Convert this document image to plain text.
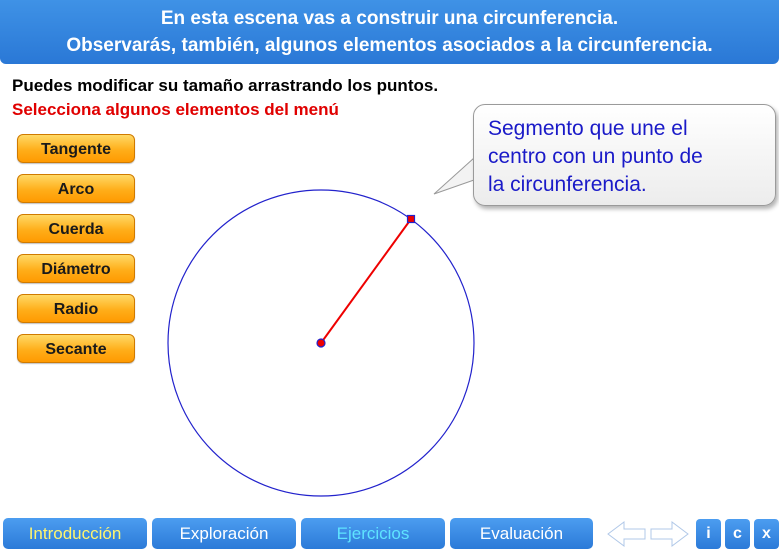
En esta escena vas a construir una circunferencia.
Observarás, también, algunos elementos asociados a la circunferencia.
Puedes modificar su tamaño arrastrando los puntos.
Selecciona algunos elementos del menú
Tangente
Arco
Cuerda
Diámetro
Radio
Secante
Segmento que une el
centro con un punto de
la circunferencia.
Introducción	Exploración	Ejercicios	Evaluación	i	c	x
